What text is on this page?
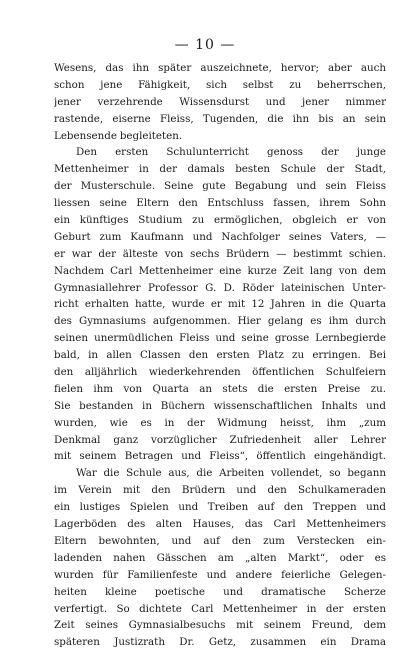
— 10 —
Wesens, das ihn später auszeichnete, hervor; aber auch
schon jene Fähigkeit, sich selbst zu beherrschen,
jener verzehrende Wissensdurst und jener nimmer
rastende, eiserne Fleiss, Tugenden, die ihn bis an sein
Lebensende begleiteten.
Den ersten Schulunterricht genoss der junge
Mettenheimer in der damals besten Schule der Stadt,
der Musterschule. Seine gute Begabung und sein Fleiss
liessen seine Eltern den Entschluss fassen, ihrem Sohn
ein künftiges Studium zu ermöglichen, obgleich er von
Geburt zum Kaufmann und Nachfolger seines Vaters, —
er war der älteste von sechs Brüdern — bestimmt schien.
Nachdem Carl Mettenheimer eine kurze Zeit lang von dem
Gymnasiallehrer Professor G. D. Röder lateinischen Unter-
richt erhalten hatte, wurde er mit 12 Jahren in die Quarta
des Gymnasiums aufgenommen. Hier gelang es ihm durch
seinen unermüdlichen Fleiss und seine grosse Lernbegierde
bald, in allen Classen den ersten Platz zu erringen. Bei
den alljährlich wiederkehrenden öffentlichen Schulfeiern
fielen ihm von Quarta an stets die ersten Preise zu.
Sie bestanden in Büchern wissenschaftlichen Inhalts und
wurden, wie es in der Widmung heisst, ihm „zum
Denkmal ganz vorzüglicher Zufriedenheit aller Lehrer
mit seinem Betragen und Fleiss“, öffentlich eingehändigt.
War die Schule aus, die Arbeiten vollendet, so begann
im Verein mit den Brüdern und den Schulkameraden
ein lustiges Spielen und Treiben auf den Treppen und
Lagerböden des alten Hauses, das Carl Mettenheimers
Eltern bewohnten, und auf den zum Verstecken ein-
ladenden nahen Gässchen am „alten Markt“, oder es
wurden für Familienfeste und andere feierliche Gelegen-
heiten kleine poetische und dramatische Scherze
verfertigt. So dichtete Carl Mettenheimer in der ersten
Zeit seines Gymnasialbesuchs mit seinem Freund, dem
späteren Justizrath Dr. Getz, zusammen ein Drama
